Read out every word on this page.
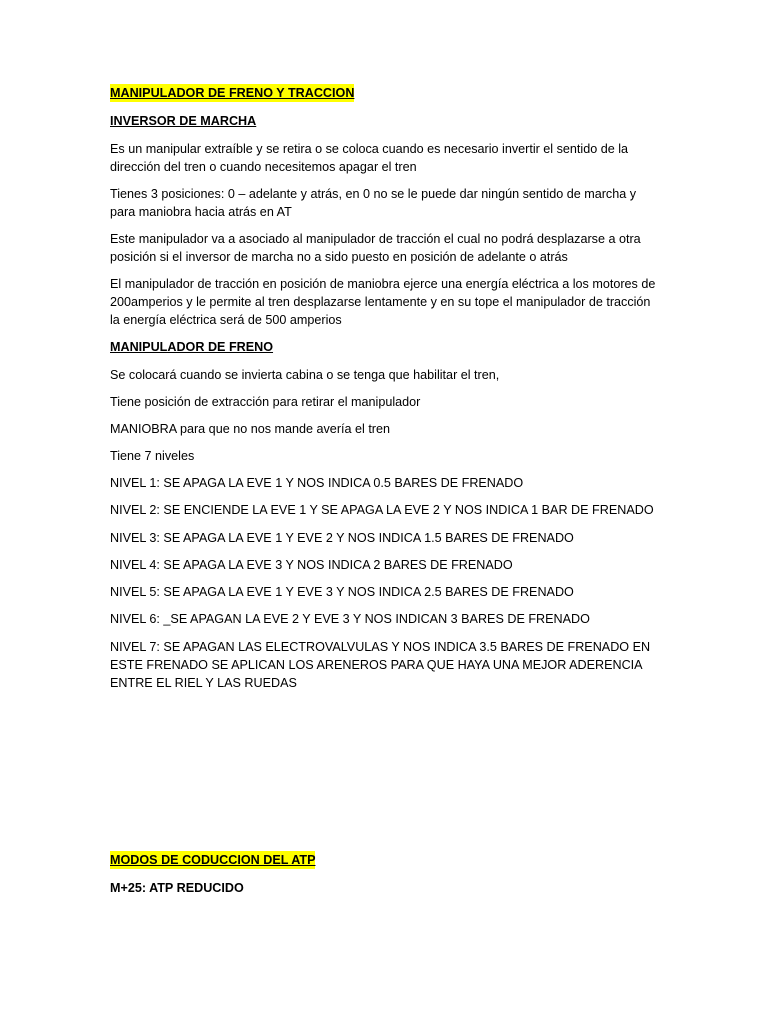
MANIPULADOR DE FRENO Y TRACCION
INVERSOR DE MARCHA

Es un manipular extraíble y se retira o se coloca cuando es necesario invertir el sentido de la dirección del tren o cuando necesitemos apagar el tren

Tienes 3 posiciones: 0 – adelante y atrás, en 0 no se le puede dar ningún sentido de marcha y para maniobra hacia atrás en AT

Este manipulador va a asociado al manipulador de tracción el cual no podrá desplazarse a otra posición si el inversor de marcha no a sido puesto en posición de adelante o atrás

El manipulador de tracción en posición de maniobra ejerce una energía eléctrica a los motores de 200amperios y le permite al tren desplazarse lentamente y en su tope el manipulador de tracción la energía eléctrica será de 500 amperios

MANIPULADOR DE FRENO

Se colocará cuando se invierta cabina o se tenga que habilitar el tren,

Tiene posición de extracción para retirar el manipulador

MANIOBRA para que no nos mande avería el tren

Tiene 7 niveles

NIVEL 1: SE APAGA LA EVE 1 Y NOS INDICA 0.5 BARES DE FRENADO

NIVEL 2: SE ENCIENDE LA EVE 1 Y SE APAGA LA EVE 2 Y NOS INDICA 1 BAR DE FRENADO

NIVEL 3: SE APAGA LA EVE 1 Y EVE 2 Y NOS INDICA 1.5 BARES DE FRENADO

NIVEL 4: SE APAGA LA EVE 3 Y NOS INDICA 2 BARES DE FRENADO

NIVEL 5: SE APAGA LA EVE 1 Y EVE 3 Y NOS INDICA 2.5 BARES DE FRENADO

NIVEL 6: _SE APAGAN LA EVE 2 Y EVE 3 Y NOS INDICAN 3 BARES DE FRENADO

NIVEL 7: SE APAGAN LAS ELECTROVALVULAS Y NOS INDICA 3.5 BARES DE FRENADO EN ESTE FRENADO SE APLICAN LOS ARENEROS PARA QUE HAYA UNA MEJOR ADERENCIA ENTRE EL RIEL Y LAS RUEDAS

MODOS DE CODUCCION DEL ATP

M+25: ATP REDUCIDO
